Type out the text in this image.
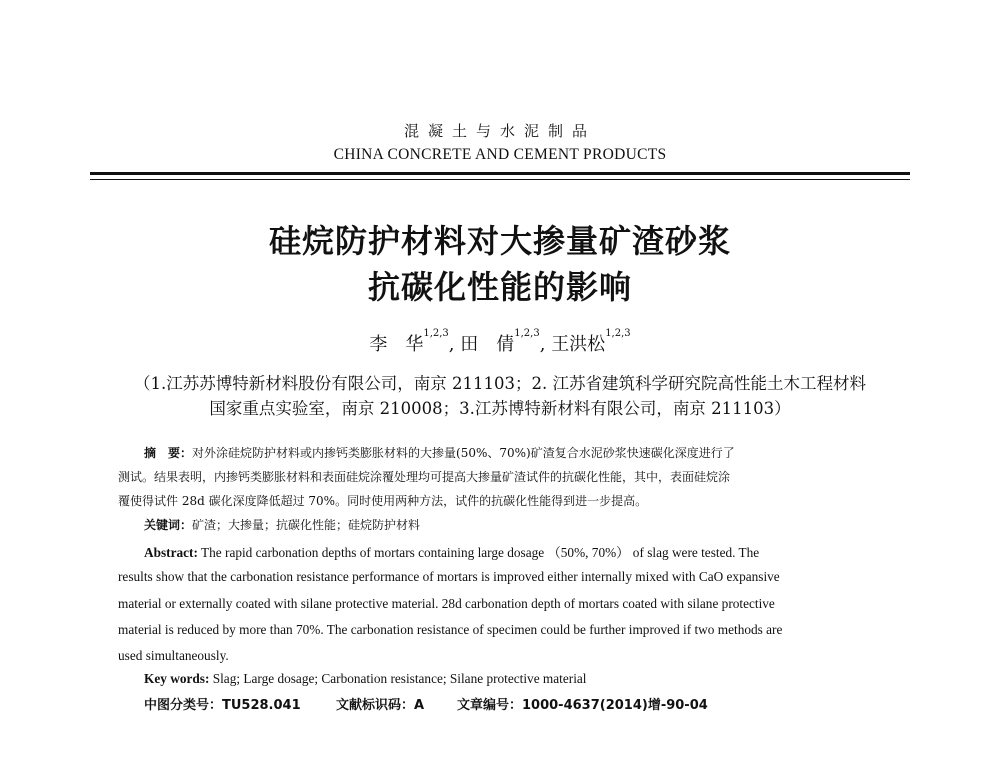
混凝土与水泥制品
CHINA CONCRETE AND CEMENT PRODUCTS
硅烷防护材料对大掺量矿渣砂浆
抗碳化性能的影响
李　华$^{1,2,3}$, 田　倩$^{1,2,3}$, 王洪松$^{1,2,3}$
（1.江苏苏博特新材料股份有限公司，南京 211103；2. 江苏省建筑科学研究院高性能土木工程材料
国家重点实验室，南京 210008；3.江苏博特新材料有限公司，南京 211103）
摘　要：对外涂硅烷防护材料或内掺钙类膨胀材料的大掺量(50%、70%)矿渣复合水泥砂浆快速碳化深度进行了
测试。结果表明，内掺钙类膨胀材料和表面硅烷涂覆处理均可提高大掺量矿渣试件的抗碳化性能，其中，表面硅烷涂
覆使得试件 28d 碳化深度降低超过 70%。同时使用两种方法，试件的抗碳化性能得到进一步提高。
关键词：矿渣；大掺量；抗碳化性能；硅烷防护材料
Abstract: The rapid carbonation depths of mortars containing large dosage （50%, 70%） of slag were tested. The
results show that the carbonation resistance performance of mortars is improved either internally mixed with CaO expansive
material or externally coated with silane protective material. 28d carbonation depth of mortars coated with silane protective
material is reduced by more than 70%. The carbonation resistance of specimen could be further improved if two methods are
used simultaneously.
Key words: Slag; Large dosage; Carbonation resistance; Silane protective material
中图分类号：TU528.041	文献标识码：A	文章编号：1000-4637(2014)增-90-04
